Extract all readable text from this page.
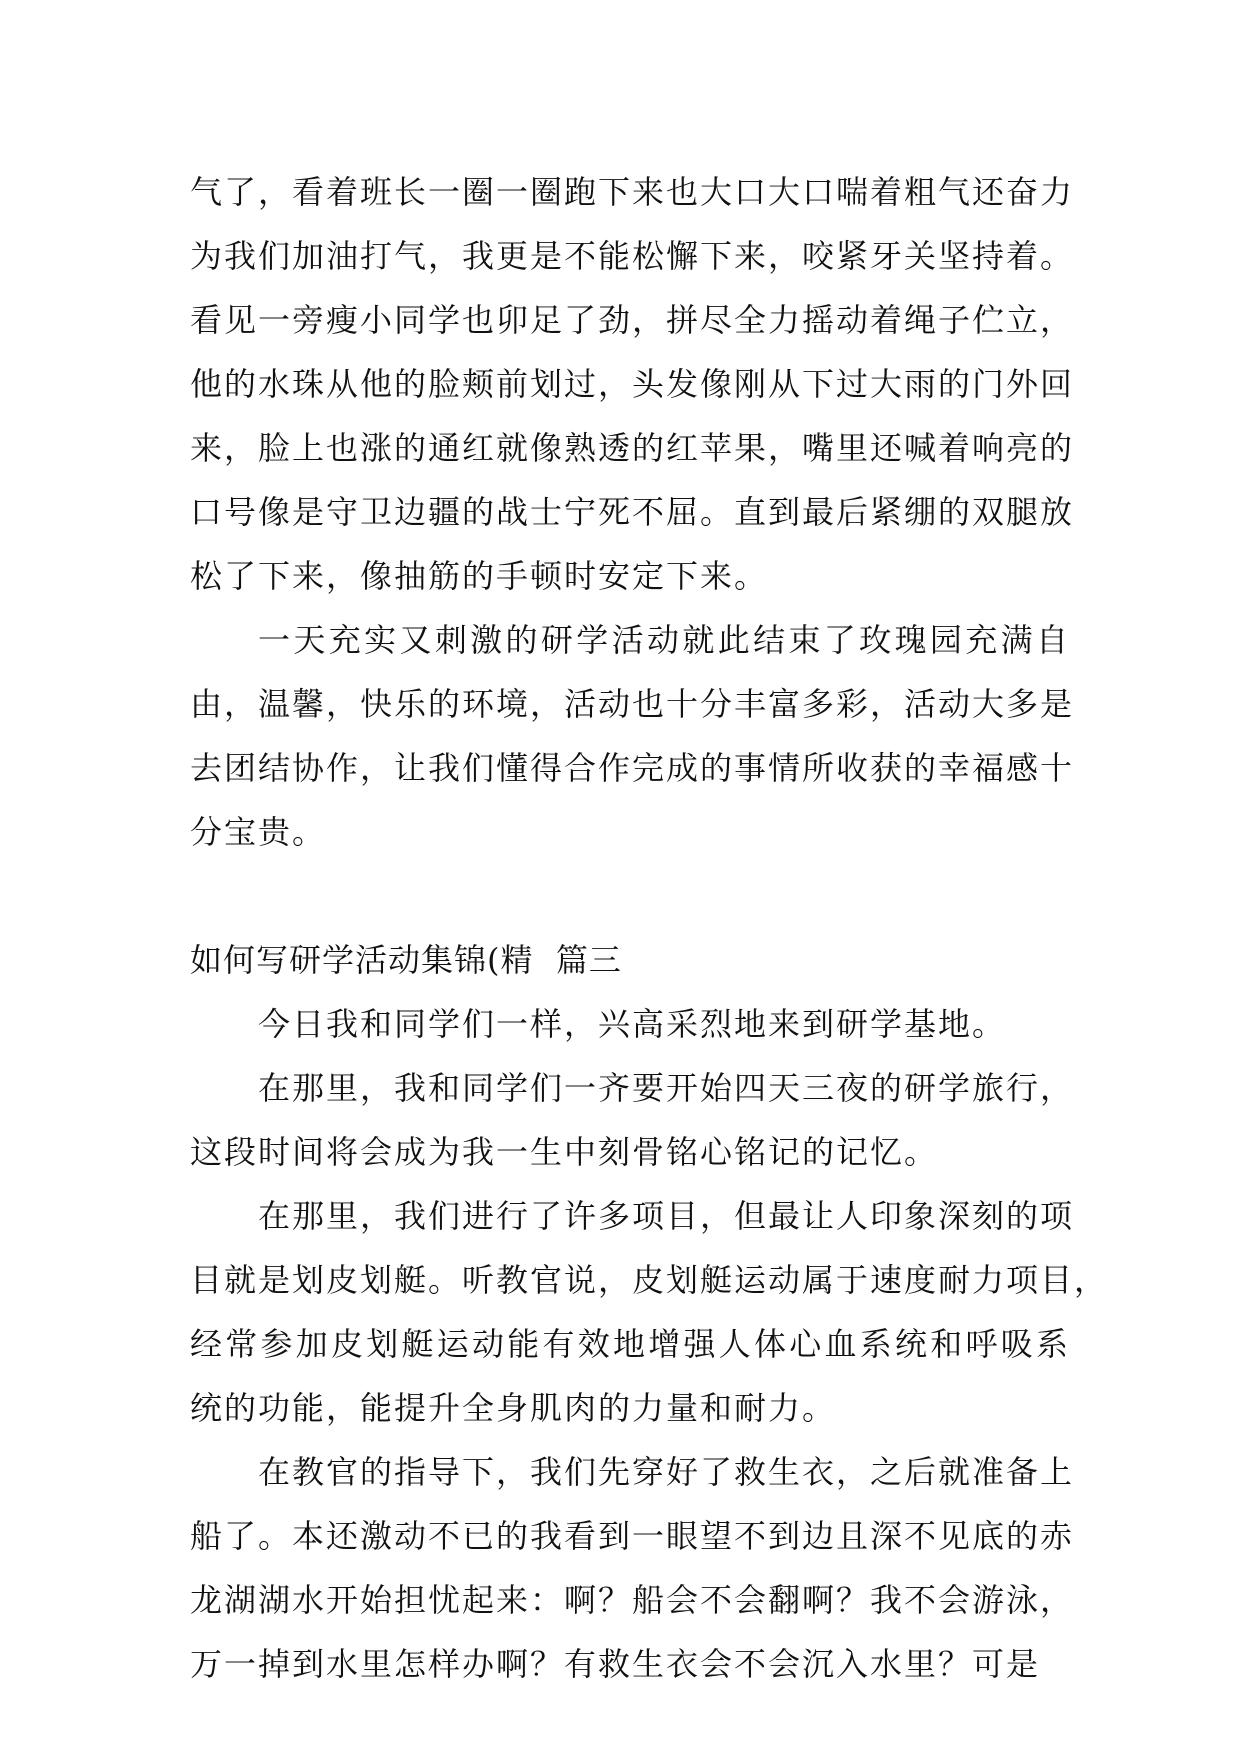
气了，看着班长一圈一圈跑下来也大口大口喘着粗气还奋力
为我们加油打气，我更是不能松懈下来，咬紧牙关坚持着。
看见一旁瘦小同学也卯足了劲，拼尽全力摇动着绳子伫立，
他的水珠从他的脸颊前划过，头发像刚从下过大雨的门外回
来，脸上也涨的通红就像熟透的红苹果，嘴里还喊着响亮的
口号像是守卫边疆的战士宁死不屈。直到最后紧绷的双腿放
松了下来，像抽筋的手顿时安定下来。
一天充实又刺激的研学活动就此结束了玫瑰园充满自
由，温馨，快乐的环境，活动也十分丰富多彩，活动大多是
去团结协作，让我们懂得合作完成的事情所收获的幸福感十
分宝贵。
如何写研学活动集锦(精  篇三
今日我和同学们一样，兴高采烈地来到研学基地。
在那里，我和同学们一齐要开始四天三夜的研学旅行，
这段时间将会成为我一生中刻骨铭心铭记的记忆。
在那里，我们进行了许多项目，但最让人印象深刻的项
目就是划皮划艇。听教官说，皮划艇运动属于速度耐力项目，
经常参加皮划艇运动能有效地增强人体心血系统和呼吸系
统的功能，能提升全身肌肉的力量和耐力。
在教官的指导下，我们先穿好了救生衣，之后就准备上
船了。本还激动不已的我看到一眼望不到边且深不见底的赤
龙湖湖水开始担忧起来：啊？船会不会翻啊？我不会游泳，
万一掉到水里怎样办啊？有救生衣会不会沉入水里？可是
